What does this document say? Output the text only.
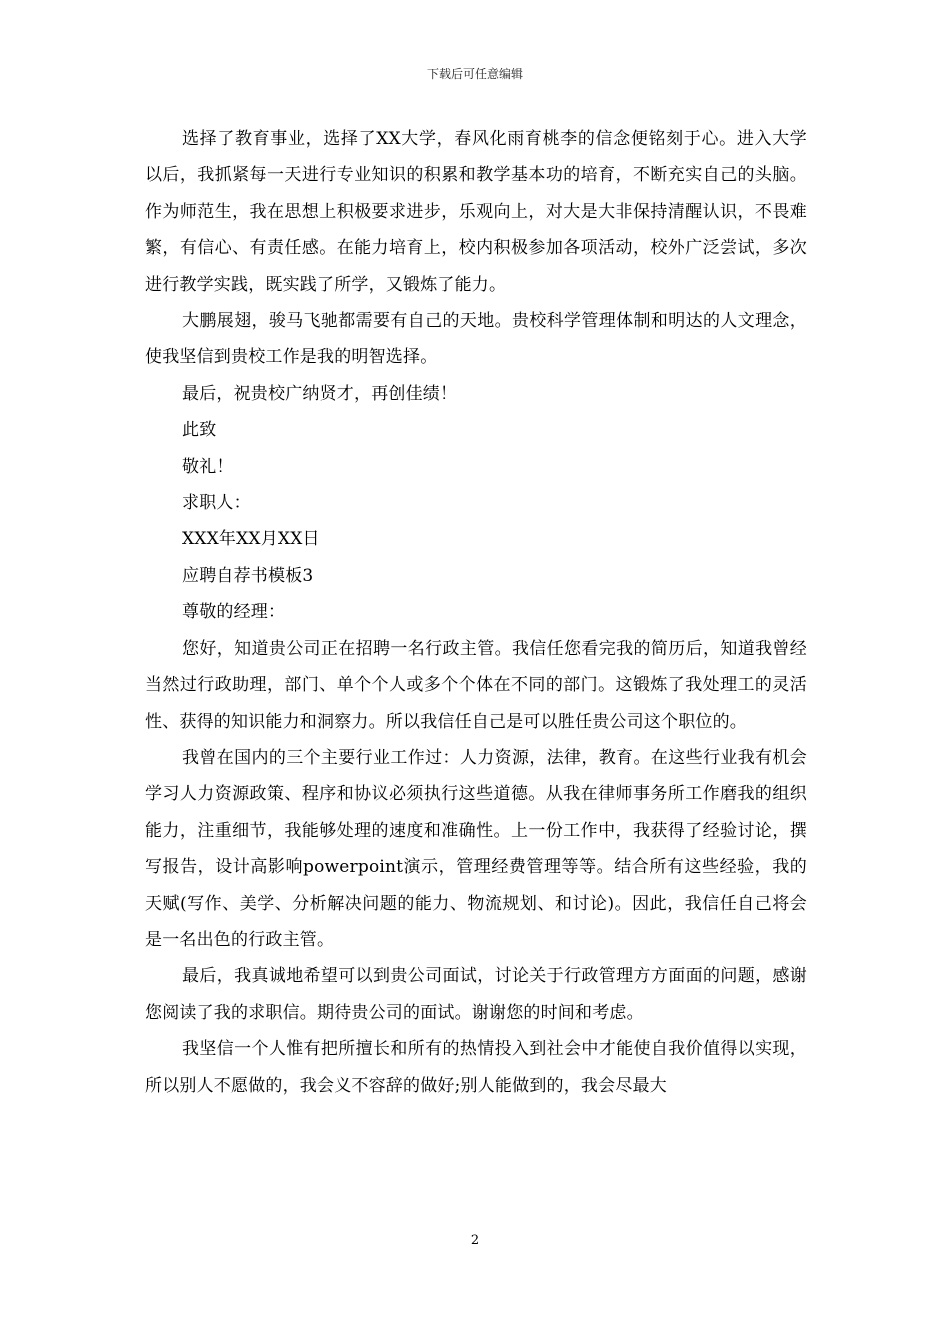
下载后可任意编辑

选择了教育事业，选择了XX大学，春风化雨育桃李的信念便铭刻于心。进入大学以后，我抓紧每一天进行专业知识的积累和教学基本功的培育，不断充实自己的头脑。作为师范生，我在思想上积极要求进步，乐观向上，对大是大非保持清醒认识，不畏难繁，有信心、有责任感。在能力培育上，校内积极参加各项活动，校外广泛尝试，多次进行教学实践，既实践了所学，又锻炼了能力。

大鹏展翅，骏马飞驰都需要有自己的天地。贵校科学管理体制和明达的人文理念，使我坚信到贵校工作是我的明智选择。

最后，祝贵校广纳贤才，再创佳绩！

此致

敬礼！

求职人：

XXX年XX月XX日

应聘自荐书模板3

尊敬的经理：

您好，知道贵公司正在招聘一名行政主管。我信任您看完我的简历后，知道我曾经当然过行政助理，部门、单个个人或多个个体在不同的部门。这锻炼了我处理工的灵活性、获得的知识能力和洞察力。所以我信任自己是可以胜任贵公司这个职位的。

我曾在国内的三个主要行业工作过：人力资源，法律，教育。在这些行业我有机会学习人力资源政策、程序和协议必须执行这些道德。从我在律师事务所工作磨我的组织能力，注重细节，我能够处理的速度和准确性。上一份工作中，我获得了经验讨论，撰写报告，设计高影响powerpoint演示，管理经费管理等等。结合所有这些经验，我的天赋(写作、美学、分析解决问题的能力、物流规划、和讨论)。因此，我信任自己将会是一名出色的行政主管。

最后，我真诚地希望可以到贵公司面试，讨论关于行政管理方方面面的问题，感谢您阅读了我的求职信。期待贵公司的面试。谢谢您的时间和考虑。

我坚信一个人惟有把所擅长和所有的热情投入到社会中才能使自我价值得以实现，所以别人不愿做的，我会义不容辞的做好;别人能做到的，我会尽最大

2
